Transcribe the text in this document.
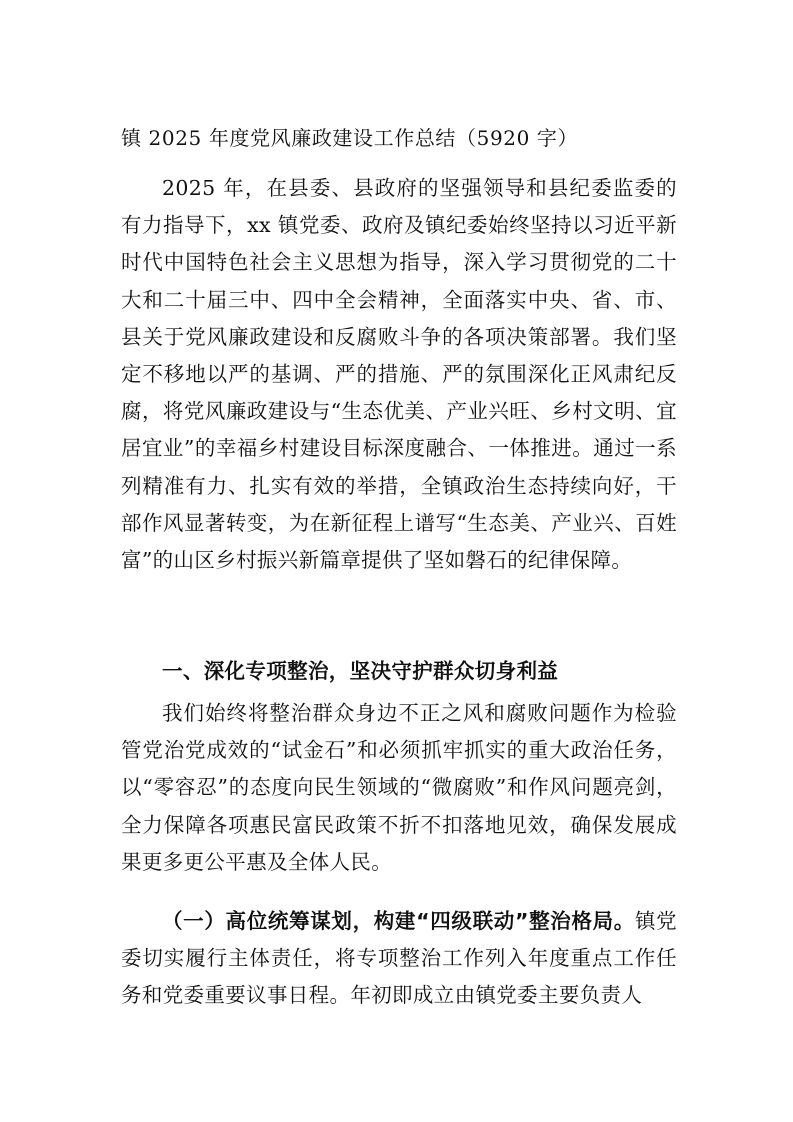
镇 2025 年度党风廉政建设工作总结（5920 字）
2025 年，在县委、县政府的坚强领导和县纪委监委的有力指导下，xx 镇党委、政府及镇纪委始终坚持以习近平新时代中国特色社会主义思想为指导，深入学习贯彻党的二十大和二十届三中、四中全会精神，全面落实中央、省、市、县关于党风廉政建设和反腐败斗争的各项决策部署。我们坚定不移地以严的基调、严的措施、严的氛围深化正风肃纪反腐，将党风廉政建设与“生态优美、产业兴旺、乡村文明、宜居宜业”的幸福乡村建设目标深度融合、一体推进。通过一系列精准有力、扎实有效的举措，全镇政治生态持续向好，干部作风显著转变，为在新征程上谱写“生态美、产业兴、百姓富”的山区乡村振兴新篇章提供了坚如磐石的纪律保障。
一、深化专项整治，坚决守护群众切身利益
我们始终将整治群众身边不正之风和腐败问题作为检验管党治党成效的“试金石”和必须抓牢抓实的重大政治任务，以“零容忍”的态度向民生领域的“微腐败”和作风问题亮剑，全力保障各项惠民富民政策不折不扣落地见效，确保发展成果更多更公平惠及全体人民。
（一）高位统筹谋划，构建“四级联动”整治格局。镇党委切实履行主体责任，将专项整治工作列入年度重点工作任务和党委重要议事日程。年初即成立由镇党委主要负责人
